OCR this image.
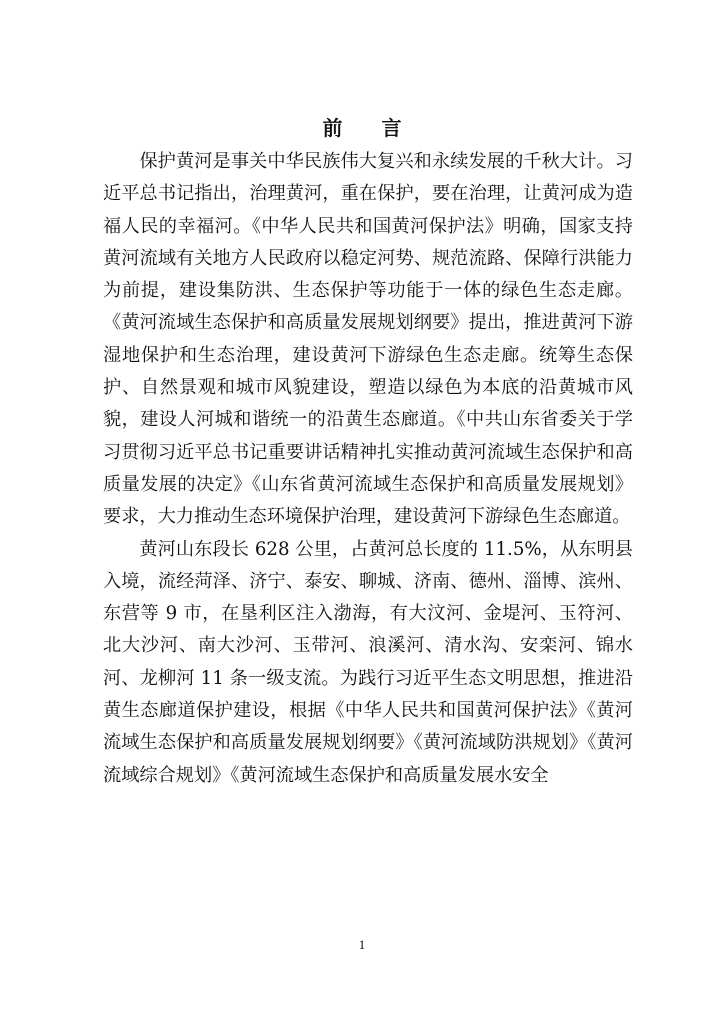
前 言

保护黄河是事关中华民族伟大复兴和永续发展的千秋大计。习近平总书记指出，治理黄河，重在保护，要在治理，让黄河成为造福人民的幸福河。《中华人民共和国黄河保护法》明确，国家支持黄河流域有关地方人民政府以稳定河势、规范流路、保障行洪能力为前提，建设集防洪、生态保护等功能于一体的绿色生态走廊。《黄河流域生态保护和高质量发展规划纲要》提出，推进黄河下游湿地保护和生态治理，建设黄河下游绿色生态走廊。统筹生态保护、自然景观和城市风貌建设，塑造以绿色为本底的沿黄城市风貌，建设人河城和谐统一的沿黄生态廊道。《中共山东省委关于学习贯彻习近平总书记重要讲话精神扎实推动黄河流域生态保护和高质量发展的决定》《山东省黄河流域生态保护和高质量发展规划》要求，大力推动生态环境保护治理，建设黄河下游绿色生态廊道。

黄河山东段长 628 公里，占黄河总长度的 11.5%，从东明县入境，流经菏泽、济宁、泰安、聊城、济南、德州、淄博、滨州、东营等 9 市，在垦利区注入渤海，有大汶河、金堤河、玉符河、北大沙河、南大沙河、玉带河、浪溪河、清水沟、安栾河、锦水河、龙柳河 11 条一级支流。为践行习近平生态文明思想，推进沿黄生态廊道保护建设，根据《中华人民共和国黄河保护法》《黄河流域生态保护和高质量发展规划纲要》《黄河流域防洪规划》《黄河流域综合规划》《黄河流域生态保护和高质量发展水安全

1
